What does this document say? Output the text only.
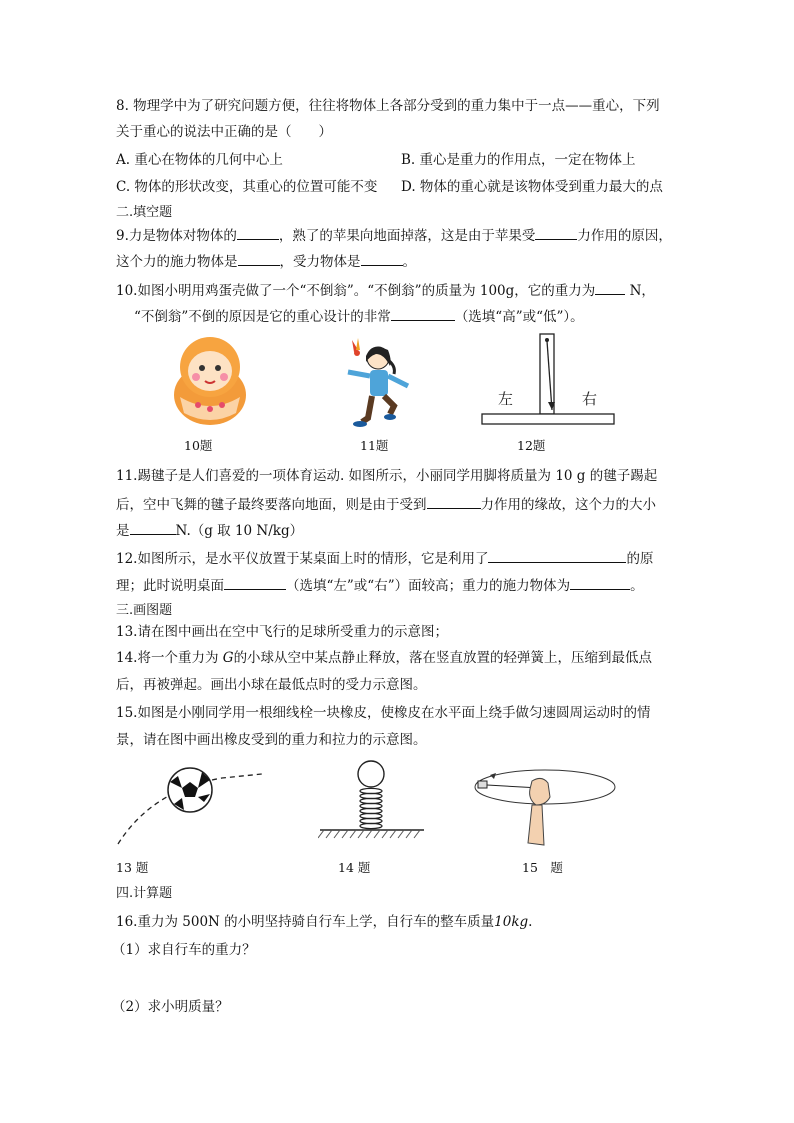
8. 物理学中为了研究问题方便，往往将物体上各部分受到的重力集中于一点——重心，下列
关于重心的说法中正确的是（　　）
A. 重心在物体的几何中心上	B. 重心是重力的作用点，一定在物体上
C. 物体的形状改变，其重心的位置可能不变 D. 物体的重心就是该物体受到重力最大的点
二.填空题
9.力是物体对物体的	，熟了的苹果向地面掉落，这是由于苹果受	力作用的原因，
这个力的施力物体是	，受力物体是	。
10.如图小明用鸡蛋壳做了一个“不倒翁”。“不倒翁”的质量为 100g，它的重力为 N，
“不倒翁”不倒的原因是它的重心设计的非常	（选填“高”或“低”）。
左	右
10题	11题	12题
11.踢毽子是人们喜爱的一项体育运动. 如图所示，小丽同学用脚将质量为 10 g 的毽子踢起
后，空中飞舞的毽子最终要落向地面，则是由于受到	力作用的缘故，这个力的大小
是	N.（g 取 10 N/kg）
12.如图所示，是水平仪放置于某桌面上时的情形，它是利用了	的原
理；此时说明桌面	（选填“左”或“右”）面较高；重力的施力物体为	。
三.画图题
13.请在图中画出在空中飞行的足球所受重力的示意图；
14.将一个重力为 G的小球从空中某点静止释放，落在竖直放置的轻弹簧上，压缩到最低点
后，再被弹起。画出小球在最低点时的受力示意图。
15.如图是小刚同学用一根细线栓一块橡皮，使橡皮在水平面上绕手做匀速圆周运动时的情
景，请在图中画出橡皮受到的重力和拉力的示意图。
13 题	14 题	15　题
四.计算题
16.重力为 500N 的小明坚持骑自行车上学，自行车的整车质量10kg.
（1）求自行车的重力？
（2）求小明质量？
